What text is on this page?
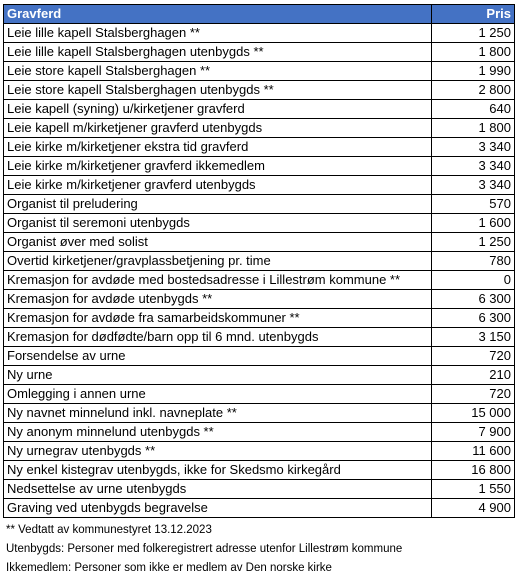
Gravferd	Pris
Leie lille kapell Stalsberghagen **	1 250
Leie lille kapell Stalsberghagen utenbygds **	1 800
Leie store kapell Stalsberghagen **	1 990
Leie store kapell Stalsberghagen utenbygds **	2 800
Leie kapell (syning) u/kirketjener gravferd	640
Leie kapell m/kirketjener gravferd utenbygds	1 800
Leie kirke m/kirketjener ekstra tid gravferd	3 340
Leie kirke m/kirketjener gravferd ikkemedlem	3 340
Leie kirke m/kirketjener gravferd utenbygds	3 340
Organist til preludering	570
Organist til seremoni utenbygds	1 600
Organist øver med solist	1 250
Overtid kirketjener/gravplassbetjening pr. time	780
Kremasjon for avdøde med bostedsadresse i Lillestrøm kommune **	0
Kremasjon for avdøde utenbygds **	6 300
Kremasjon for avdøde fra samarbeidskommuner **	6 300
Kremasjon for dødfødte/barn opp til 6 mnd. utenbygds	3 150
Forsendelse av urne	720
Ny urne	210
Omlegging i annen urne	720
Ny navnet minnelund inkl. navneplate **	15 000
Ny anonym minnelund utenbygds **	7 900
Ny urnegrav utenbygds **	11 600
Ny enkel kistegrav utenbygds, ikke for Skedsmo kirkegård	16 800
Nedsettelse av urne utenbygds	1 550
Graving ved utenbygds begravelse	4 900
** Vedtatt av kommunestyret 13.12.2023
Utenbygds: Personer med folkeregistrert adresse utenfor Lillestrøm kommune
Ikkemedlem: Personer som ikke er medlem av Den norske kirke
